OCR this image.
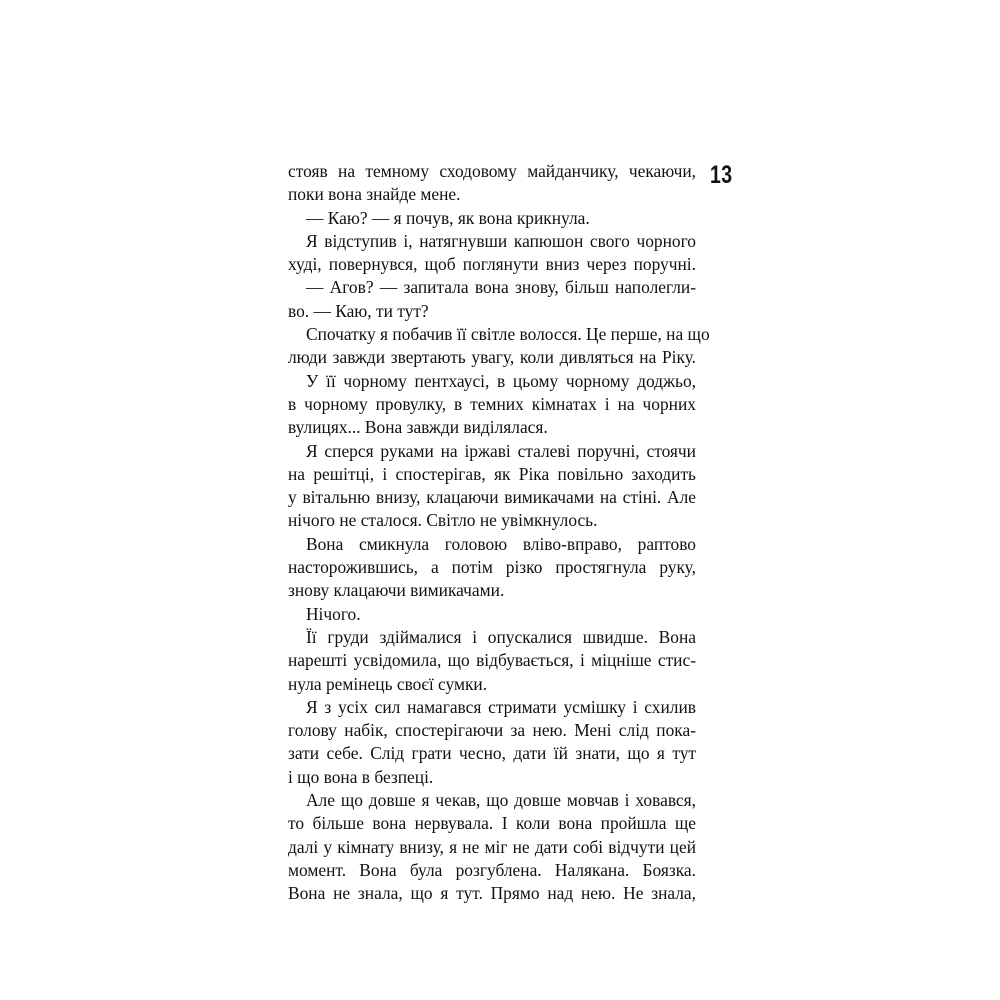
13
стояв на темному сходовому майданчику, чекаючи,
поки вона знайде мене.
— Каю? — я почув, як вона крикнула.
Я відступив і, натягнувши капюшон свого чорного
худі, повернувся, щоб поглянути вниз через поручні.
— Агов? — запитала вона знову, більш наполегли-
во. — Каю, ти тут?
Спочатку я побачив її світле волосся. Це перше, на що
люди завжди звертають увагу, коли дивляться на Ріку.
У її чорному пентхаусі, в цьому чорному доджьо,
в чорному провулку, в темних кімнатах і на чорних
вулицях... Вона завжди виділялася.
Я сперся руками на іржаві сталеві поручні, стоячи
на решітці, і спостерігав, як Ріка повільно заходить
у вітальню внизу, клацаючи вимикачами на стіні. Але
нічого не сталося. Світло не увімкнулось.
Вона смикнула головою вліво-вправо, раптово
насторожившись, а потім різко простягнула руку,
знову клацаючи вимикачами.
Нічого.
Її груди здіймалися і опускалися швидше. Вона
нарешті усвідомила, що відбувається, і міцніше стис-
нула ремінець своєї сумки.
Я з усіх сил намагався стримати усмішку і схилив
голову набік, спостерігаючи за нею. Мені слід пока-
зати себе. Слід грати чесно, дати їй знати, що я тут
і що вона в безпеці.
Але що довше я чекав, що довше мовчав і ховався,
то більше вона нервувала. І коли вона пройшла ще
далі у кімнату внизу, я не міг не дати собі відчути цей
момент. Вона була розгублена. Налякана. Боязка.
Вона не знала, що я тут. Прямо над нею. Не знала,
